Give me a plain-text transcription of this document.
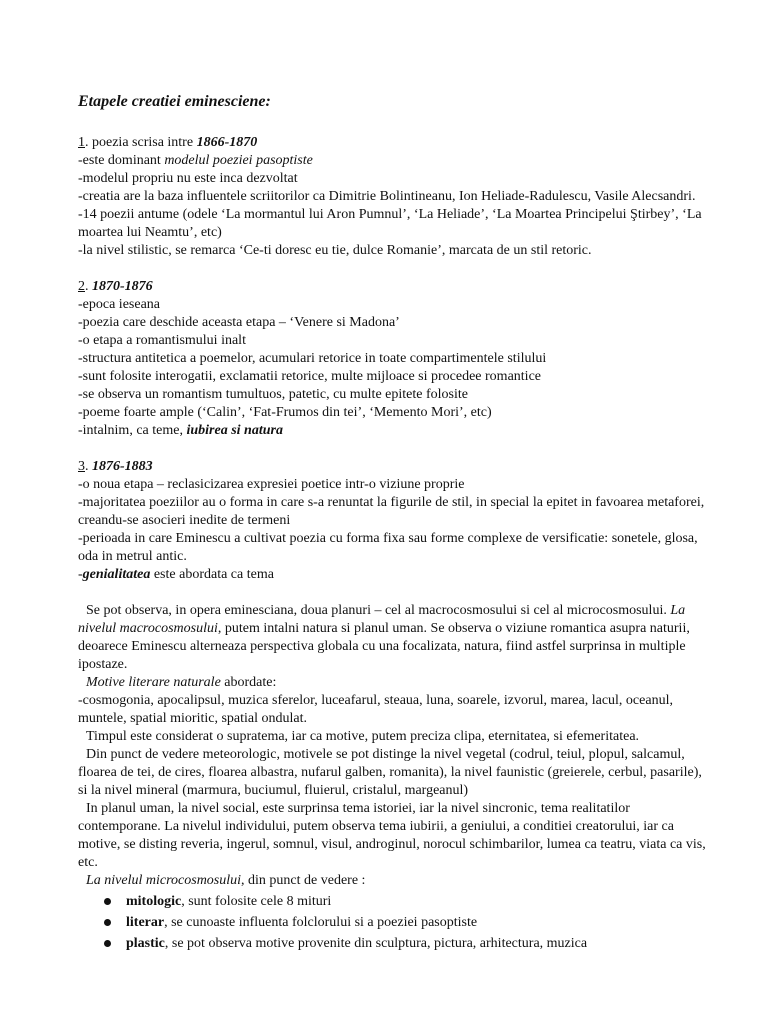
Etapele creatiei eminesciene:

1. poezia scrisa intre 1866-1870

-este dominant modelul poeziei pasoptiste

-modelul propriu nu este inca dezvoltat

-creatia are la baza influentele scriitorilor ca Dimitrie Bolintineanu, Ion Heliade-Radulescu, Vasile Alecsandri.

-14 poezii antume (odele ‘La mormantul lui Aron Pumnul’, ‘La Heliade’, ‘La Moartea Principelui Ştirbey’, ‘La moartea lui Neamtu’, etc)

-la nivel stilistic, se remarca ‘Ce-ti doresc eu tie, dulce Romanie’, marcata de un stil retoric.

2. 1870-1876

-epoca ieseana

-poezia care deschide aceasta etapa – ‘Venere si Madona’

-o etapa a romantismului inalt

-structura antitetica a poemelor, acumulari retorice in toate compartimentele stilului

-sunt folosite interogatii, exclamatii retorice, multe mijloace si procedee romantice

-se observa un romantism tumultuos, patetic, cu multe epitete folosite

-poeme foarte ample (‘Calin’, ‘Fat-Frumos din tei’, ‘Memento Mori’, etc)

-intalnim, ca teme, iubirea si natura

3. 1876-1883

-o noua etapa – reclasicizarea expresiei poetice intr-o viziune proprie

-majoritatea poeziilor au o forma in care s-a renuntat la figurile de stil, in special la epitet in favoarea metaforei, creandu-se asocieri inedite de termeni

-perioada in care Eminescu a cultivat poezia cu forma fixa sau forme complexe de versificatie: sonetele, glosa, oda in metrul antic.

-genialitatea este abordata ca tema

Se pot observa, in opera eminesciana, doua planuri – cel al macrocosmosului si cel al microcosmosului. La nivelul macrocosmosului, putem intalni natura si planul uman. Se observa o viziune romantica asupra naturii, deoarece Eminescu alterneaza perspectiva globala cu una focalizata, natura, fiind astfel surprinsa in multiple ipostaze.

Motive literare naturale abordate:

-cosmogonia, apocalipsul, muzica sferelor, luceafarul, steaua, luna, soarele, izvorul, marea, lacul, oceanul, muntele, spatial mioritic, spatial ondulat.

Timpul este considerat o supratema, iar ca motive, putem preciza clipa, eternitatea, si efemeritatea.

Din punct de vedere meteorologic, motivele se pot distinge la nivel vegetal (codrul, teiul, plopul, salcamul, floarea de tei, de cires, floarea albastra, nufarul galben, romanita), la nivel faunistic (greierele, cerbul, pasarile), si la nivel mineral (marmura, buciumul, fluierul, cristalul, margeanul)

In planul uman, la nivel social, este surprinsa tema istoriei, iar la nivel sincronic, tema realitatilor contemporane. La nivelul individului, putem observa tema iubirii, a geniului, a conditiei creatorului, iar ca motive, se disting reveria, ingerul, somnul, visul, androginul, norocul schimbarilor, lumea ca teatru, viata ca vis, etc.

La nivelul microcosmosului, din punct de vedere :

mitologic, sunt folosite cele 8 mituri
literar, se cunoaste influenta folclorului si a poeziei pasoptiste
plastic, se pot observa motive provenite din sculptura, pictura, arhitectura, muzica
